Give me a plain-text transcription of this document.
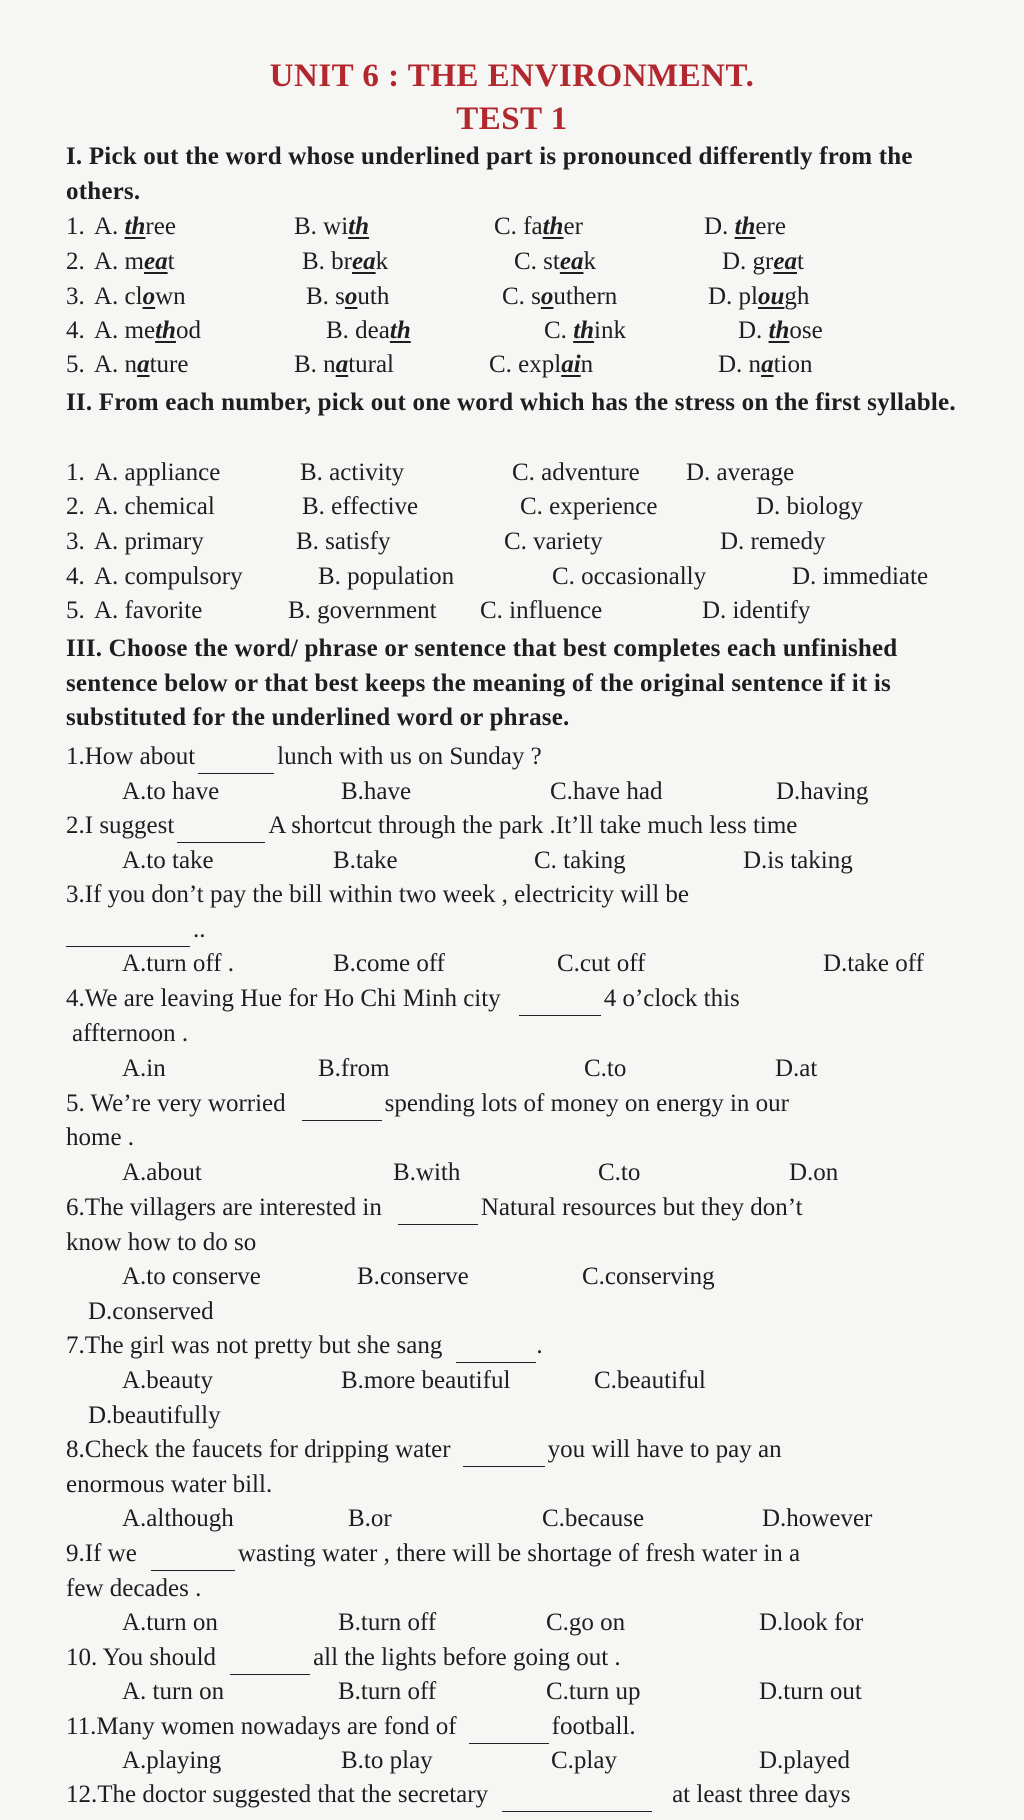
UNIT 6 : THE ENVIRONMENT.
TEST 1
I. Pick out the word whose underlined part is pronounced differently from the others.
1. A. three	B. with	C. father	D. there
2. A. meat	B. break	C. steak	D. great
3. A. clown	B. south	C. southern	D. plough
4. A. method	B. death	C. think	D. those
5. A. nature	B. natural	C. explain	D. nation
II. From each number, pick out one word which has the stress on the first syllable.
1. A. appliance	B. activity	C. adventure D. average
2. A. chemical	B. effective	C. experience	D. biology
3. A. primary	B. satisfy	C. variety	D. remedy
4. A. compulsory	B. population	C. occasionally	D. immediate
5. A. favorite	B. government C. influence	D. identify
III. Choose the word/ phrase or sentence that best completes each unfinished sentence below or that best keeps the meaning of the original sentence if it is substituted for the underlined word or phrase.
1.How about	lunch with us on Sunday ?
A.to have	B.have	C.have had	D.having
2.I suggest	A shortcut through the park .It’ll take much less time
A.to take	B.take	C. taking	D.is taking
3.If you don’t pay the bill within two week , electricity will be
..
A.turn off .	B.come off	C.cut off	D.take off
4.We are leaving Hue for Ho Chi Minh city	4 o’clock this
affternoon .
A.in	B.from	C.to	D.at
5. We’re very worried	spending lots of money on energy in our
home .
A.about	B.with	C.to	D.on
6.The villagers are interested in	Natural resources but they don’t
know how to do so
A.to conserve	B.conserve	C.conserving
D.conserved
7.The girl was not pretty but she sang	.
A.beauty	B.more beautiful	C.beautiful
D.beautifully
8.Check the faucets for dripping water	you will have to pay an
enormous water bill.
A.although	B.or	C.because	D.however
9.If we	wasting water , there will be shortage of fresh water in a
few decades .
A.turn on	B.turn off	C.go on	D.look for
10. You should	all the lights before going out .
A. turn on	B.turn off	C.turn up	D.turn out
11.Many women nowadays are fond of	football.
A.playing	B.to play	C.play	D.played
12.The doctor suggested that the secretary	at least three days
